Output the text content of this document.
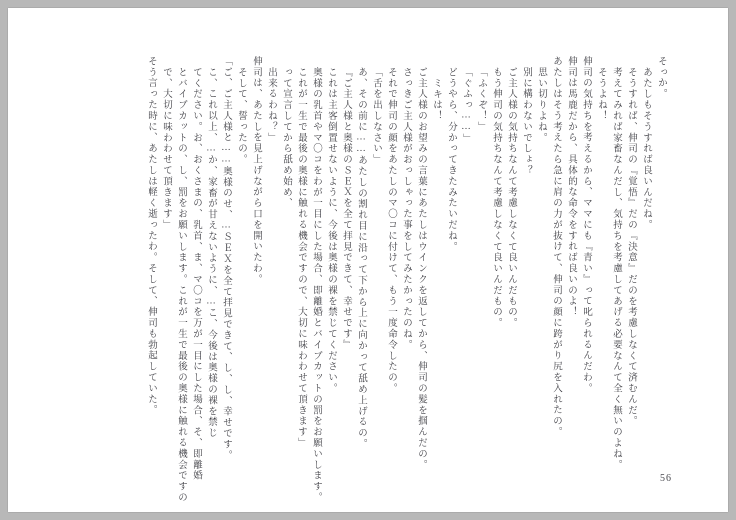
そっか。
あたしもそうすれば良いんだね。
そうすれば、伸司の『覚悟』だの『決意』だのを考慮しなくて済むんだ。
考えてみれば家畜なんだし、気持ちを考慮してあげる必要なんて全く無いのよね。
そうよね！
伸司の気持ちを考えるから、ママにも『青い』って叱られるんだわ。
伸司は馬鹿だから、具体的な命令をすれば良いのよ！
あたしはそう考えたら急に肩の力が抜けて、伸司の顔に跨がり尻を入れたの。
思い切りよね。
別に構わないでしょ？
ご主人様の気持ちなんて考慮しなくて良いんだもの。
もう伸司の気持ちなんて考慮しなくて良いんだもの。
「ふくぞ！」
「ぐふっ……」
どうやら、分かってきたみたいだね。
ミキは！
ご主人様のお望みの言葉にあたしはウインクを返してから、伸司の髪を掴んだの。
さっきご主人様がおっしゃった事をしてみたかったのね。
それで伸司の顔をあたしのマ〇コに付けて、もう一度命令したの。
「舌を出しなさい」
あ、その前に……あたしの割れ目に沿って下から上に向かって舐め上げるの。
『ご主人様と奥様のＳＥＸを全て拝見できて、幸せです』
これは主客倒置せないように、今後は奥様の裸を禁じてください。
奥様の乳首やマ〇コをわが一目にした場合、即離婚とバイブカットの罰をお願いします。
これが一生で最後の奥様に触れる機会ですので、大切に味わわせて頂きます」
って宣言してから舐め始め、
出来るわね？」
伸司は、あたしを見上げながら口を開いたわ。
そして、誓ったの。
「ご、ご主人様と……奥様のせ、…ＳＥＸを全て拝見できて、し、し、幸せです。
こ、これ以上、…か、家畜が甘えないように、…こ、今後は奥様の裸を禁じ
てください。お、おくさまの、乳首、ま、マ〇コを万が一目にした場合、そ、即離婚
とバイブカットの、し、罰をお願いします。これが一生で最後の奥様に触れる機会ですの
で、大切に味わわせて頂きます」
そう言った時に、あたしは軽く逝ったわ。そして、伸司も勃起していた。
56
